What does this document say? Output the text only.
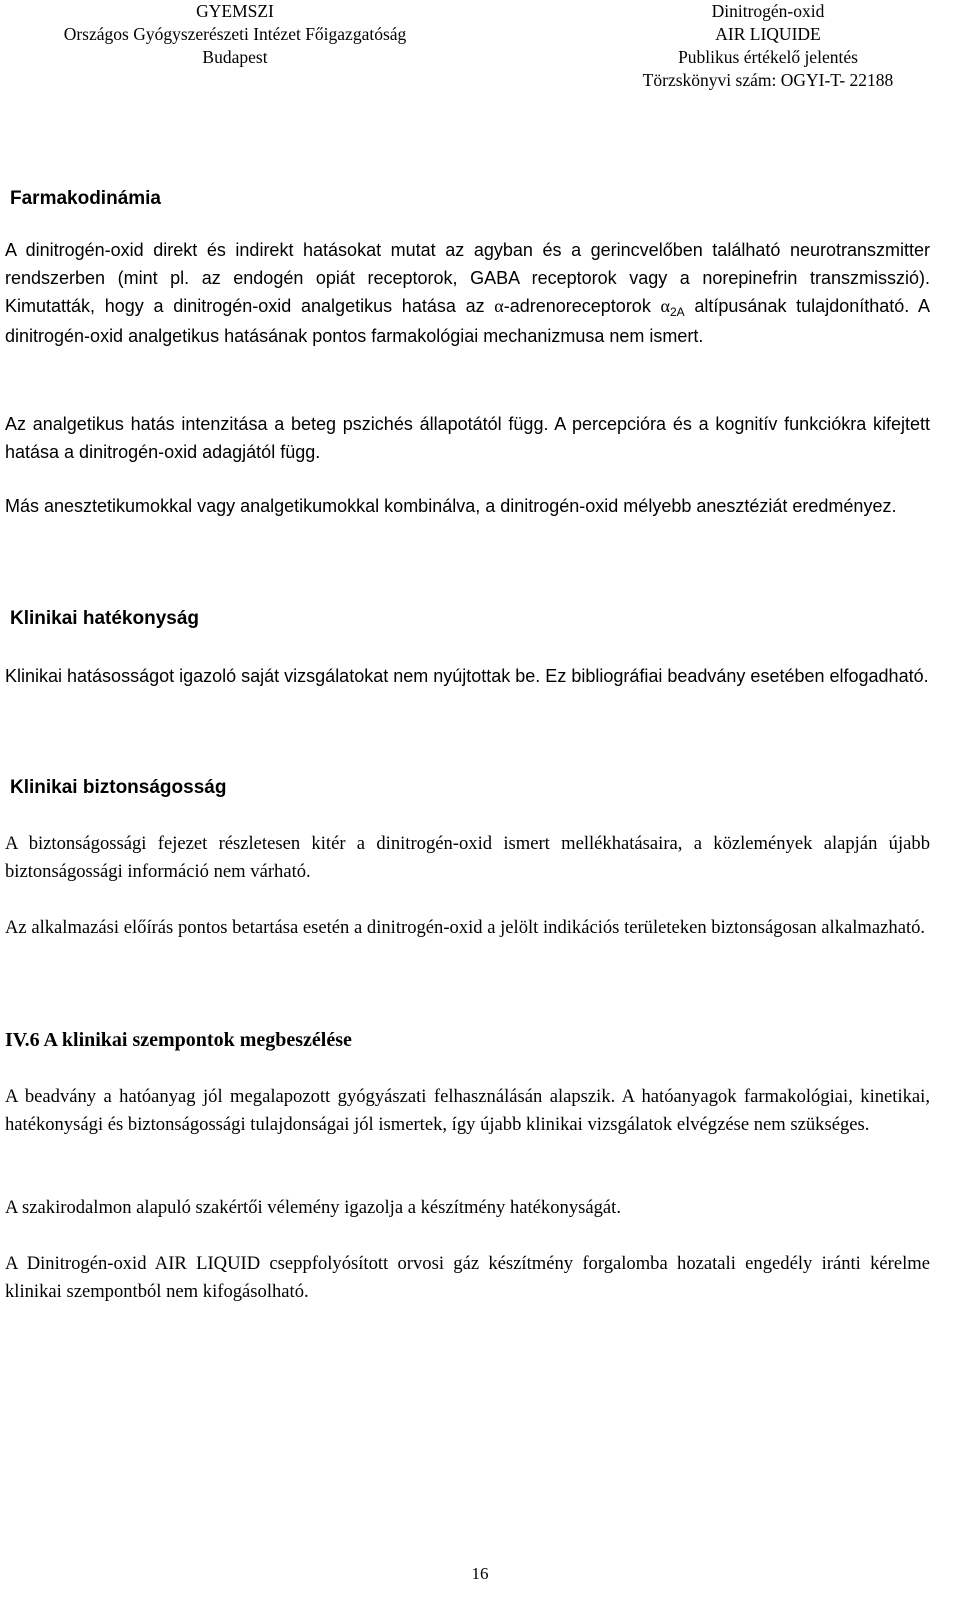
GYEMSZI
Országos Gyógyszerészeti Intézet Főigazgatóság
Budapest
Dinitrogén-oxid
AIR LIQUIDE
Publikus értékelő jelentés
Törzskönyvi szám: OGYI-T- 22188
Farmakodinámia

A dinitrogén-oxid direkt és indirekt hatásokat mutat az agyban és a gerincvelőben található neurotranszmitter rendszerben (mint pl. az endogén opiát receptorok, GABA receptorok vagy a norepinefrin transzmisszió). Kimutatták, hogy a dinitrogén-oxid analgetikus hatása az α-adrenoreceptorok $\alpha_{2A}$ altípusának tulajdonítható. A dinitrogén-oxid analgetikus hatásának pontos farmakológiai mechanizmusa nem ismert.

Az analgetikus hatás intenzitása a beteg pszichés állapotától függ. A percepcióra és a kognitív funkciókra kifejtett hatása a dinitrogén-oxid adagjától függ.

Más anesztetikumokkal vagy analgetikumokkal kombinálva, a dinitrogén-oxid mélyebb anesztéziát eredményez.

Klinikai hatékonyság

Klinikai hatásosságot igazoló saját vizsgálatokat nem nyújtottak be. Ez bibliográfiai beadvány esetében elfogadható.

Klinikai biztonságosság

A biztonságossági fejezet részletesen kitér a dinitrogén-oxid ismert mellékhatásaira, a közlemények alapján újabb biztonságossági információ nem várható.

Az alkalmazási előírás pontos betartása esetén a dinitrogén-oxid a jelölt indikációs területeken biztonságosan alkalmazható.

IV.6 A klinikai szempontok megbeszélése

A beadvány a hatóanyag jól megalapozott gyógyászati felhasználásán alapszik. A hatóanyagok farmakológiai, kinetikai, hatékonysági és biztonságossági tulajdonságai jól ismertek, így újabb klinikai vizsgálatok elvégzése nem szükséges.

A szakirodalmon alapuló szakértői vélemény igazolja a készítmény hatékonyságát.

A Dinitrogén-oxid AIR LIQUID cseppfolyósított orvosi gáz készítmény forgalomba hozatali engedély iránti kérelme klinikai szempontból nem kifogásolható.

16
